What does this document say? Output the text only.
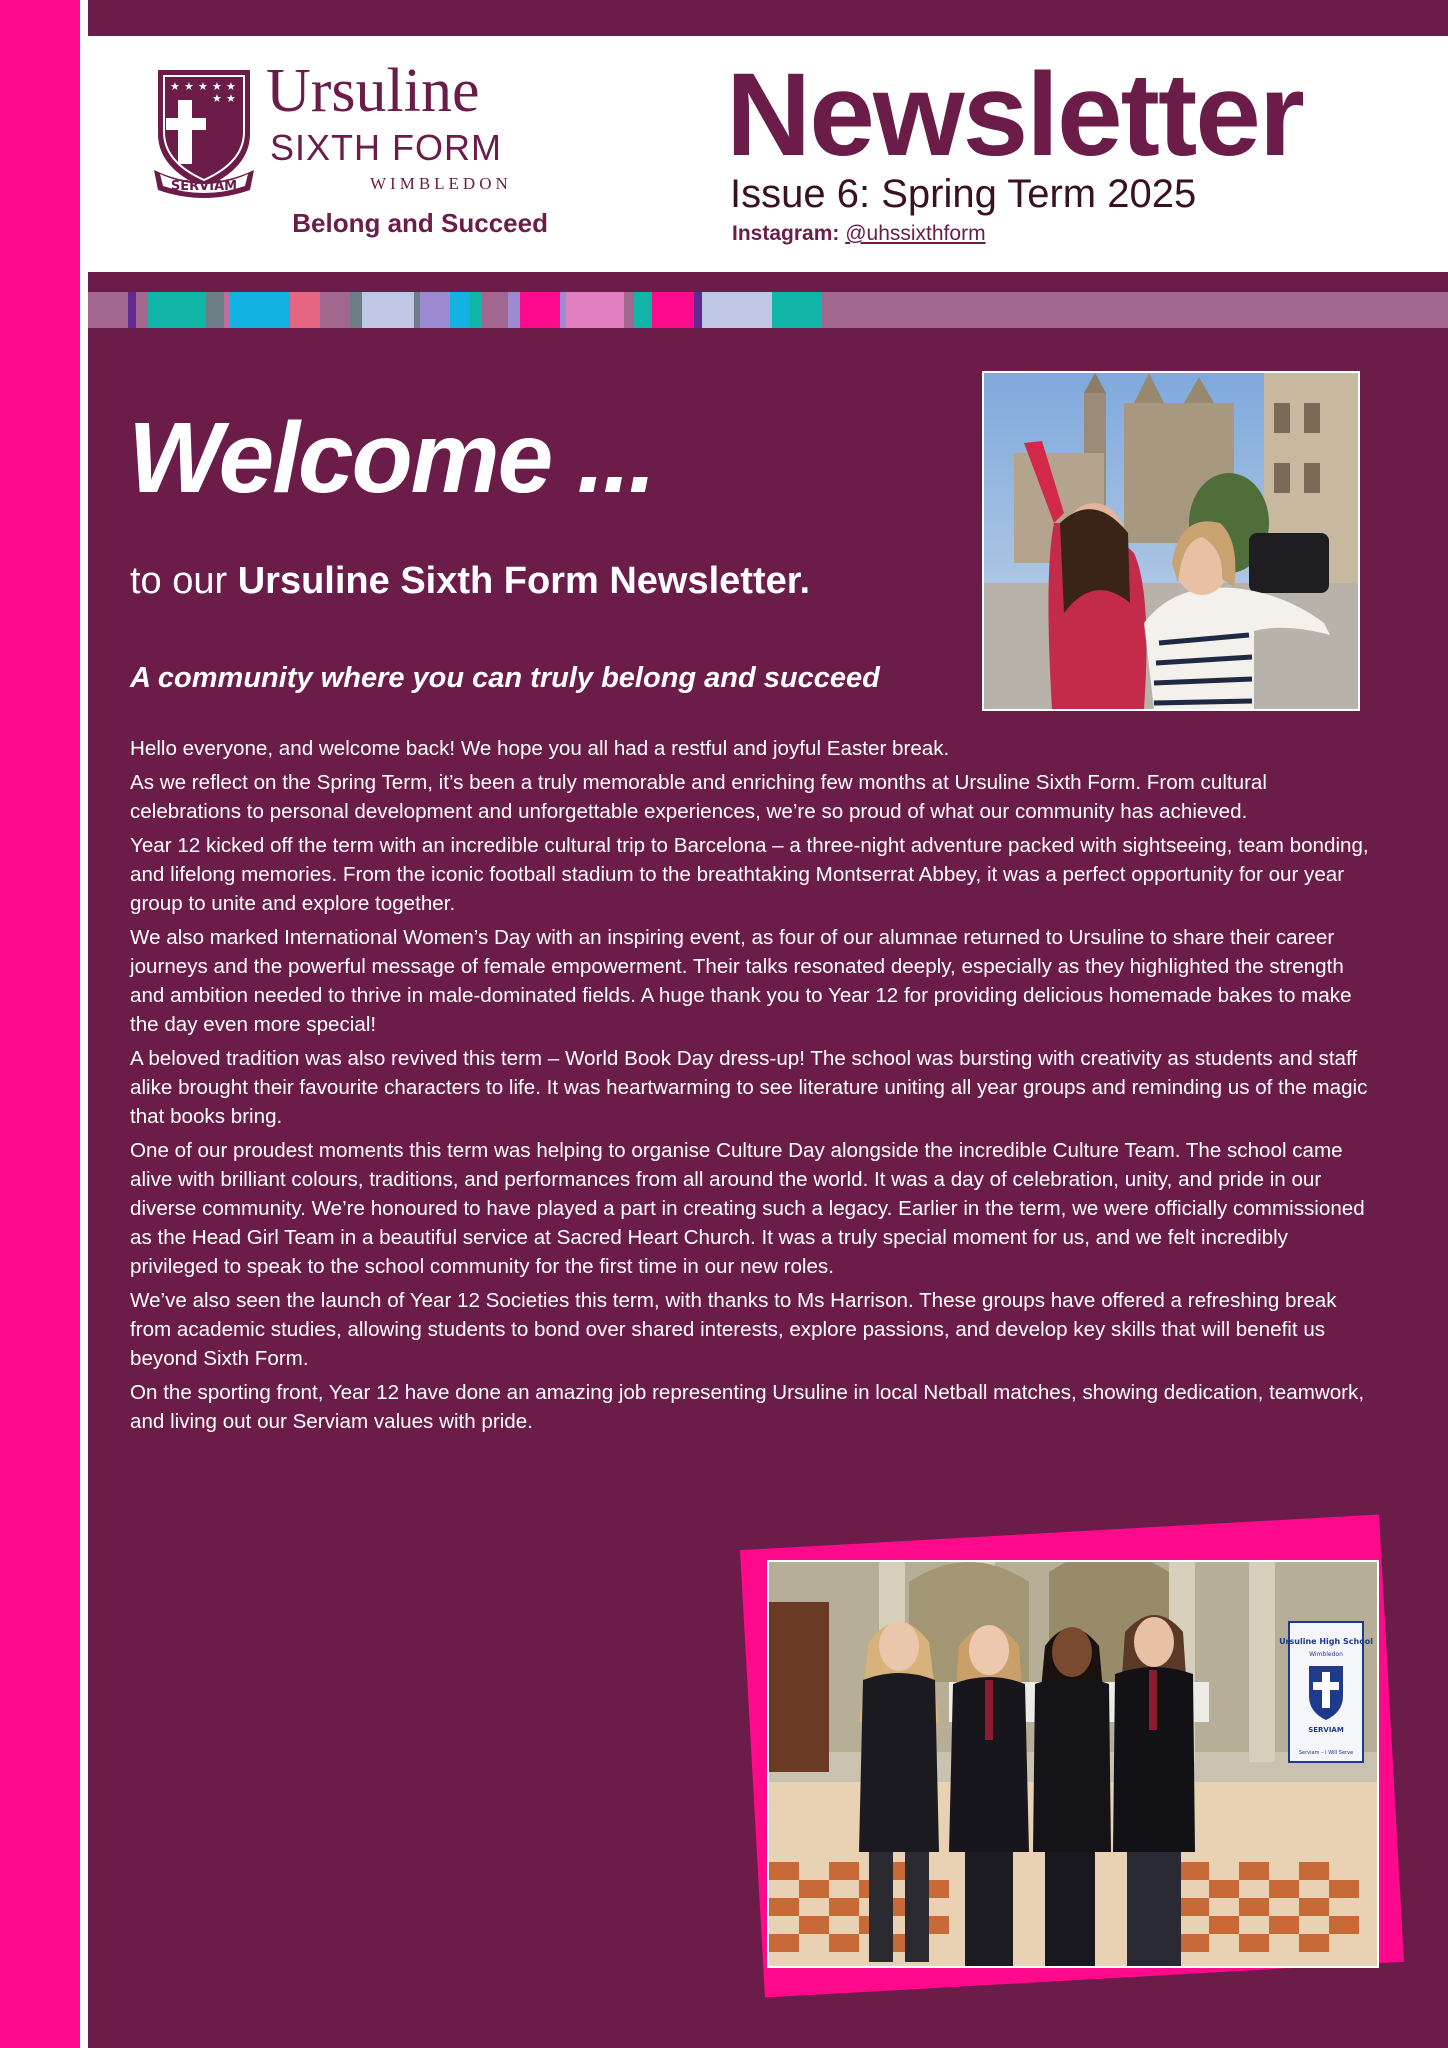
★ ★ ★ ★ ★
★ ★
SERVIAM
Ursuline
SIXTH FORM
WIMBLEDON
Belong and Succeed
Newsletter
Issue 6: Spring Term 2025
Instagram: @uhssixthform
Welcome ...
to our Ursuline Sixth Form Newsletter.
A community where you can truly belong and succeed

Hello everyone, and welcome back! We hope you all had a restful and joyful Easter break.

As we reflect on the Spring Term, it’s been a truly memorable and enriching few months at Ursuline Sixth Form. From cultural celebrations to personal development and unforgettable experiences, we’re so proud of what our community has achieved.

Year 12 kicked off the term with an incredible cultural trip to Barcelona – a three-night adventure packed with sightseeing, team bonding, and lifelong memories. From the iconic football stadium to the breathtaking Montserrat Abbey, it was a perfect opportunity for our year group to unite and explore together.

We also marked International Women’s Day with an inspiring event, as four of our alumnae returned to Ursuline to share their career journeys and the powerful message of female empowerment. Their talks resonated deeply, especially as they highlighted the strength and ambition needed to thrive in male-dominated fields. A huge thank you to Year 12 for providing delicious homemade bakes to make the day even more special!

A beloved tradition was also revived this term – World Book Day dress-up! The school was bursting with creativity as students and staff alike brought their favourite characters to life. It was heartwarming to see literature uniting all year groups and reminding us of the magic that books bring.

One of our proudest moments this term was helping to organise Culture Day alongside the incredible Culture Team. The school came alive with brilliant colours, traditions, and performances from all around the world. It was a day of celebration, unity, and pride in our diverse community. We’re honoured to have played a part in creating such a legacy. Earlier in the term, we were officially commissioned as the Head Girl Team in a beautiful service at Sacred Heart Church. It was a truly special moment for us, and we felt incredibly privileged to speak to the school community for the first time in our new roles.

We’ve also seen the launch of Year 12 Societies this term, with thanks to Ms Harrison. These groups have offered a refreshing break from academic studies, allowing students to bond over shared interests, explore passions, and develop key skills that will benefit us beyond Sixth Form.

On the sporting front, Year 12 have done an amazing job representing Ursuline in local Netball matches, showing dedication, teamwork, and living out our Serviam values with pride.

Ursuline High School
Wimbledon
SERVIAM
Serviam – I Will Serve
